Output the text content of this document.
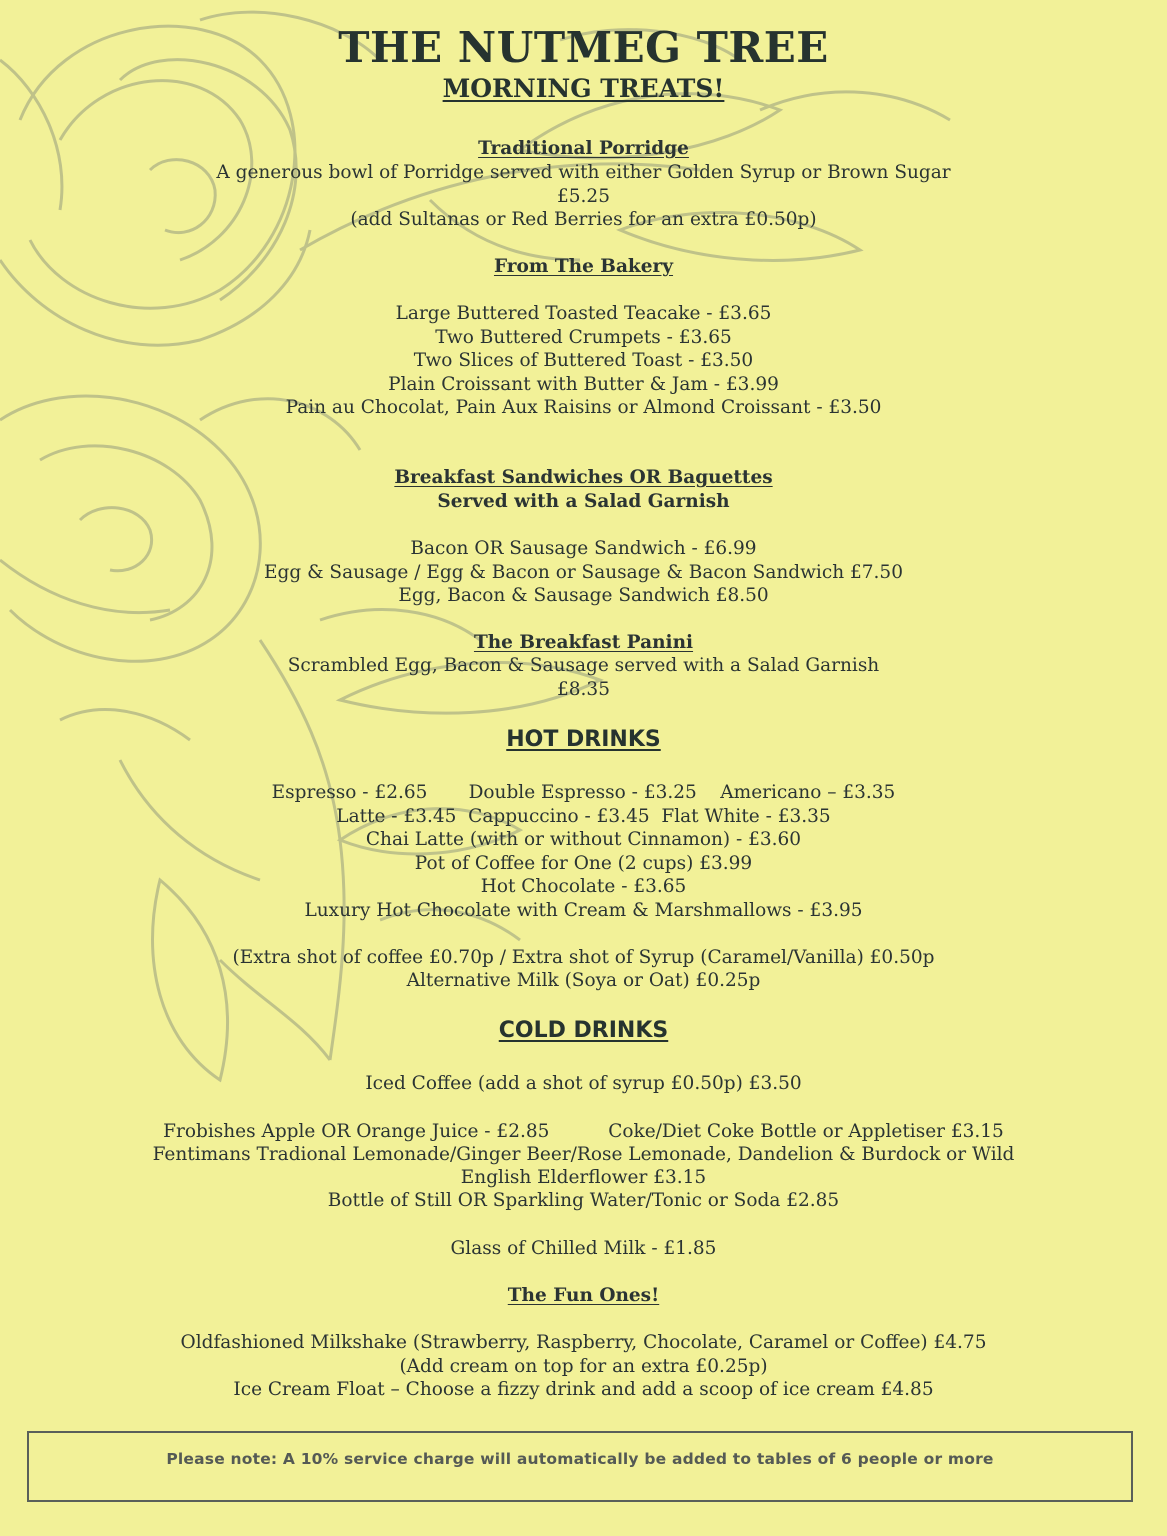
THE NUTMEG TREE
MORNING TREATS!
Traditional Porridge
A generous bowl of Porridge served with either Golden Syrup or Brown Sugar
£5.25
(add Sultanas or Red Berries for an extra £0.50p)
From The Bakery
Large Buttered Toasted Teacake - £3.65
Two Buttered Crumpets - £3.65
Two Slices of Buttered Toast - £3.50
Plain Croissant with Butter & Jam - £3.99
Pain au Chocolat, Pain Aux Raisins or Almond Croissant - £3.50
Breakfast Sandwiches OR Baguettes
Served with a Salad Garnish
Bacon OR Sausage Sandwich - £6.99
Egg & Sausage / Egg & Bacon or Sausage & Bacon Sandwich £7.50
Egg, Bacon & Sausage Sandwich £8.50
The Breakfast Panini
Scrambled Egg, Bacon & Sausage served with a Salad Garnish
£8.35
HOT DRINKS
Espresso - £2.65       Double Espresso - £3.25    Americano – £3.35
Latte - £3.45  Cappuccino - £3.45  Flat White - £3.35
Chai Latte (with or without Cinnamon) - £3.60
Pot of Coffee for One (2 cups) £3.99
Hot Chocolate - £3.65
Luxury Hot Chocolate with Cream & Marshmallows - £3.95
(Extra shot of coffee £0.70p / Extra shot of Syrup (Caramel/Vanilla) £0.50p
Alternative Milk (Soya or Oat) £0.25p
COLD DRINKS
Iced Coffee (add a shot of syrup £0.50p) £3.50
Frobishes Apple OR Orange Juice - £2.85          Coke/Diet Coke Bottle or Appletiser £3.15
Fentimans Tradional Lemonade/Ginger Beer/Rose Lemonade, Dandelion & Burdock or Wild
English Elderflower £3.15
Bottle of Still OR Sparkling Water/Tonic or Soda £2.85
Glass of Chilled Milk - £1.85
The Fun Ones!
Oldfashioned Milkshake (Strawberry, Raspberry, Chocolate, Caramel or Coffee) £4.75
(Add cream on top for an extra £0.25p)
Ice Cream Float – Choose a fizzy drink and add a scoop of ice cream £4.85
Please note: A 10% service charge will automatically be added to tables of 6 people or more
